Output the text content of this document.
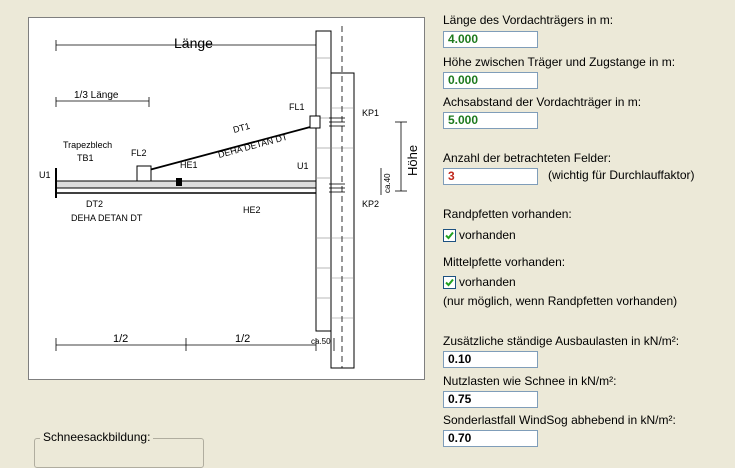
Länge
1/3 Länge
DT1
DEHA DETAN DT
FL1
KP1
Trapezblech
TB1
U1
FL2
HE1	U1
DT2
DEHA DETAN DT
HE2
KP2
Höhe
ca.40
1/2	1/2	ca.50
Länge des Vordachträgers in m:
4.000
Höhe zwischen Träger und Zugstange in m:
0.000
Achsabstand der Vordachträger in m:
5.000
Anzahl der betrachteten Felder:
3	(wichtig für Durchlauffaktor)
Randpfetten vorhanden:
vorhanden
Mittelpfette vorhanden:
vorhanden
(nur möglich, wenn Randpfetten vorhanden)
Zusätzliche ständige Ausbaulasten in kN/m²:
0.10
Nutzlasten wie Schnee in kN/m²:
0.75
Sonderlastfall WindSog abhebend in kN/m²:
0.70
Schneesackbildung:
